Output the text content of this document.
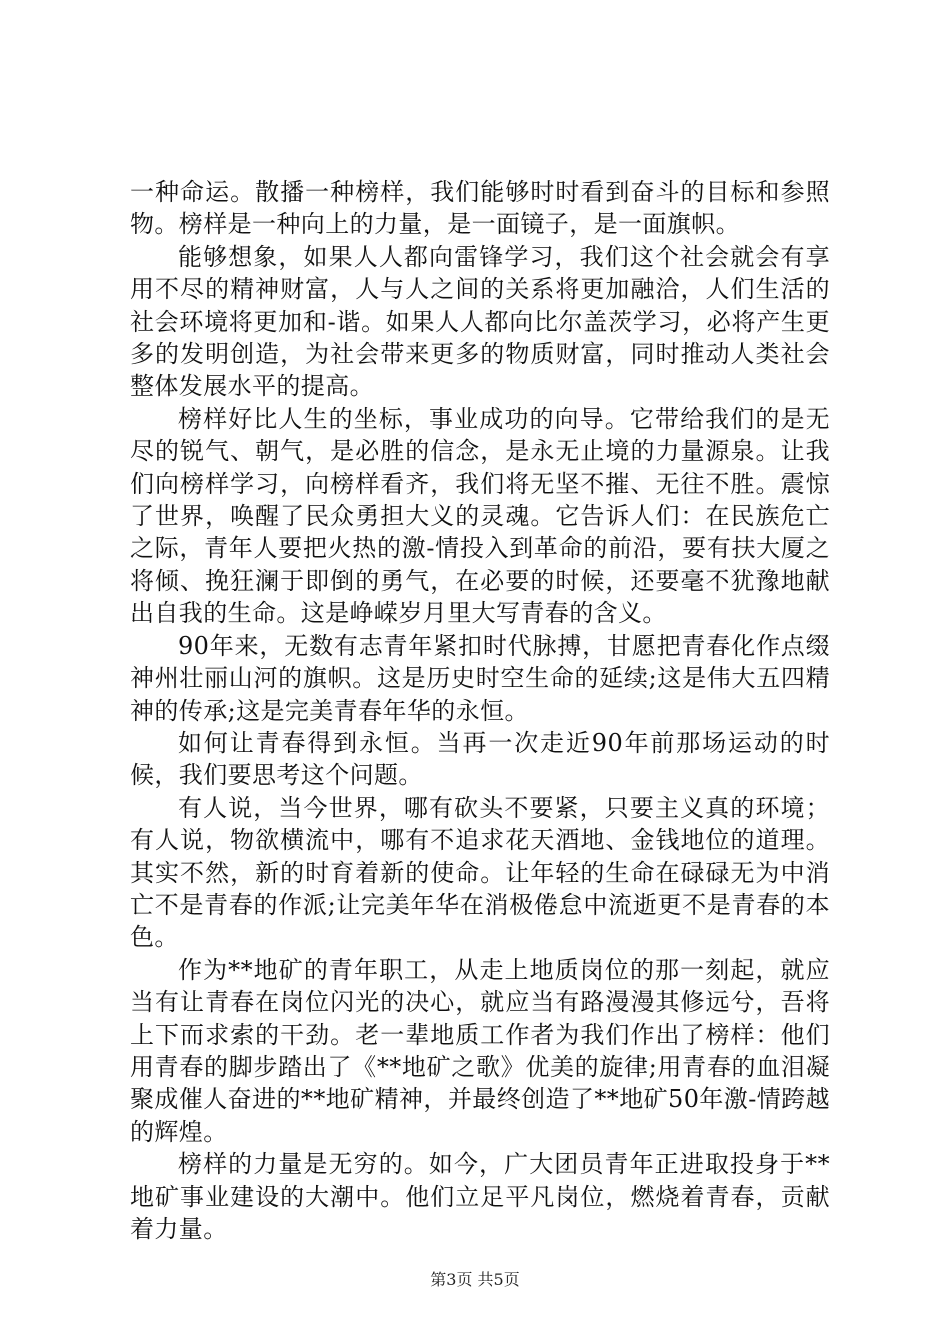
一种命运。散播一种榜样，我们能够时时看到奋斗的目标和参照物。榜样是一种向上的力量，是一面镜子，是一面旗帜。

能够想象，如果人人都向雷锋学习，我们这个社会就会有享用不尽的精神财富，人与人之间的关系将更加融洽，人们生活的社会环境将更加和-谐。如果人人都向比尔盖茨学习，必将产生更多的发明创造，为社会带来更多的物质财富，同时推动人类社会整体发展水平的提高。

榜样好比人生的坐标，事业成功的向导。它带给我们的是无尽的锐气、朝气，是必胜的信念，是永无止境的力量源泉。让我们向榜样学习，向榜样看齐，我们将无坚不摧、无往不胜。震惊了世界，唤醒了民众勇担大义的灵魂。它告诉人们：在民族危亡之际，青年人要把火热的激-情投入到革命的前沿，要有扶大厦之将倾、挽狂澜于即倒的勇气，在必要的时候，还要毫不犹豫地献出自我的生命。这是峥嵘岁月里大写青春的含义。

90年来，无数有志青年紧扣时代脉搏，甘愿把青春化作点缀神州壮丽山河的旗帜。这是历史时空生命的延续;这是伟大五四精神的传承;这是完美青春年华的永恒。

如何让青春得到永恒。当再一次走近90年前那场运动的时候，我们要思考这个问题。

有人说，当今世界，哪有砍头不要紧，只要主义真的环境；有人说，物欲横流中，哪有不追求花天酒地、金钱地位的道理。其实不然，新的时育着新的使命。让年轻的生命在碌碌无为中消亡不是青春的作派;让完美年华在消极倦怠中流逝更不是青春的本色。

作为**地矿的青年职工，从走上地质岗位的那一刻起，就应当有让青春在岗位闪光的决心，就应当有路漫漫其修远兮，吾将上下而求索的干劲。老一辈地质工作者为我们作出了榜样：他们用青春的脚步踏出了《**地矿之歌》优美的旋律;用青春的血泪凝聚成催人奋进的**地矿精神，并最终创造了**地矿50年激-情跨越的辉煌。

榜样的力量是无穷的。如今，广大团员青年正进取投身于**地矿事业建设的大潮中。他们立足平凡岗位，燃烧着青春，贡献着力量。

第3页 共5页
